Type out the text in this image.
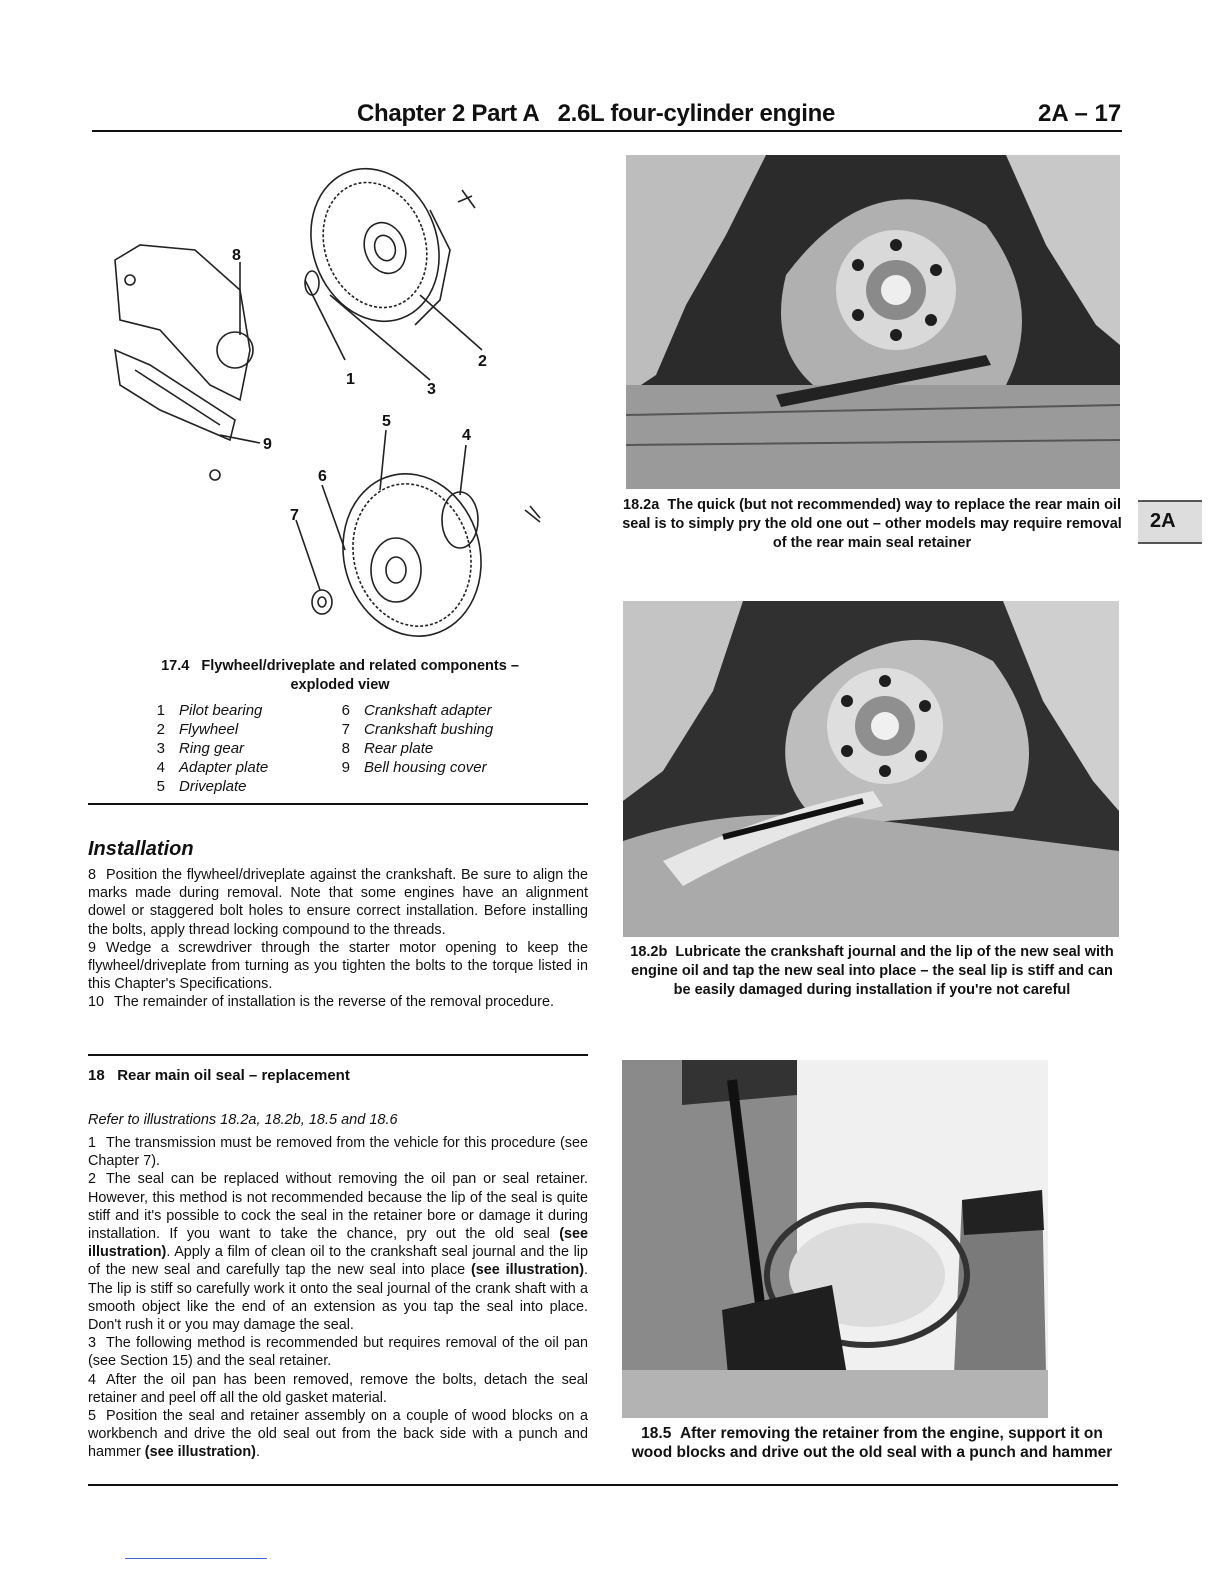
Chapter 2 Part A   2.6L four-cylinder engine	2A – 17
2A
8
1
3
2
9
5
4
6
7
17.4 Flywheel/driveplate and related components –
exploded view
1 Pilot bearing
2 Flywheel
3 Ring gear
4 Adapter plate
5 Driveplate
6 Crankshaft adapter
7 Crankshaft bushing
8 Rear plate
9 Bell housing cover
Installation

8 Position the flywheel/driveplate against the crankshaft. Be sure to align the marks made during removal. Note that some engines have an alignment dowel or staggered bolt holes to ensure correct installation. Before installing the bolts, apply thread locking compound to the threads.

9 Wedge a screwdriver through the starter motor opening to keep the flywheel/driveplate from turning as you tighten the bolts to the torque listed in this Chapter's Specifications.

10 The remainder of installation is the reverse of the removal procedure.

18 Rear main oil seal – replacement
Refer to illustrations 18.2a, 18.2b, 18.5 and 18.6

1 The transmission must be removed from the vehicle for this procedure (see Chapter 7).

2 The seal can be replaced without removing the oil pan or seal retainer. However, this method is not recommended because the lip of the seal is quite stiff and it's possible to cock the seal in the retainer bore or damage it during installation. If you want to take the chance, pry out the old seal (see illustration). Apply a film of clean oil to the crankshaft seal journal and the lip of the new seal and carefully tap the new seal into place (see illustration). The lip is stiff so carefully work it onto the seal journal of the crank shaft with a smooth object like the end of an extension as you tap the seal into place. Don't rush it or you may damage the seal.

3 The following method is recommended but requires removal of the oil pan (see Section 15) and the seal retainer.

4 After the oil pan has been removed, remove the bolts, detach the seal retainer and peel off all the old gasket material.

5 Position the seal and retainer assembly on a couple of wood blocks on a workbench and drive the old seal out from the back side with a punch and hammer (see illustration).

18.2a The quick (but not recommended) way to replace the rear main oil seal is to simply pry the old one out – other models may require removal of the rear main seal retainer
18.2b Lubricate the crankshaft journal and the lip of the new seal with engine oil and tap the new seal into place – the seal lip is stiff and can be easily damaged during installation if you're not careful
18.5 After removing the retainer from the engine, support it on wood blocks and drive out the old seal with a punch and hammer
